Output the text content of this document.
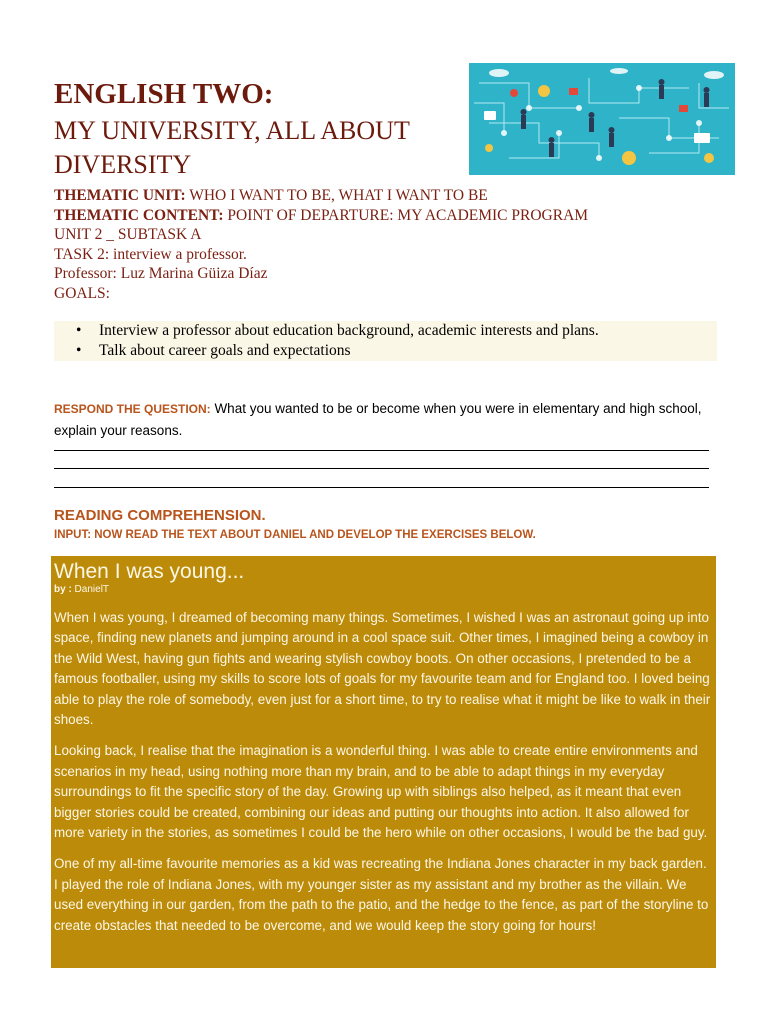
ENGLISH TWO:
MY UNIVERSITY, ALL ABOUT DIVERSITY
THEMATIC UNIT: WHO I WANT TO BE, WHAT I WANT TO BE
THEMATIC CONTENT: POINT OF DEPARTURE: MY ACADEMIC PROGRAM
UNIT 2 _ SUBTASK A
TASK 2: interview a professor.
Professor: Luz Marina Güiza Díaz
GOALS:
• Interview a professor about education background, academic interests and plans.
• Talk about career goals and expectations
RESPOND THE QUESTION: What you wanted to be or become when you were in elementary and high school, explain your reasons.
READING COMPREHENSION.
INPUT: NOW READ THE TEXT ABOUT DANIEL AND DEVELOP THE EXERCISES BELOW.
When I was young...
by : DanielT

When I was young, I dreamed of becoming many things. Sometimes, I wished I was an astronaut going up into space, finding new planets and jumping around in a cool space suit. Other times, I imagined being a cowboy in the Wild West, having gun fights and wearing stylish cowboy boots. On other occasions, I pretended to be a famous footballer, using my skills to score lots of goals for my favourite team and for England too. I loved being able to play the role of somebody, even just for a short time, to try to realise what it might be like to walk in their shoes.

Looking back, I realise that the imagination is a wonderful thing. I was able to create entire environments and scenarios in my head, using nothing more than my brain, and to be able to adapt things in my everyday surroundings to fit the specific story of the day. Growing up with siblings also helped, as it meant that even bigger stories could be created, combining our ideas and putting our thoughts into action. It also allowed for more variety in the stories, as sometimes I could be the hero while on other occasions, I would be the bad guy.

One of my all-time favourite memories as a kid was recreating the Indiana Jones character in my back garden. I played the role of Indiana Jones, with my younger sister as my assistant and my brother as the villain. We used everything in our garden, from the path to the patio, and the hedge to the fence, as part of the storyline to create obstacles that needed to be overcome, and we would keep the story going for hours!
